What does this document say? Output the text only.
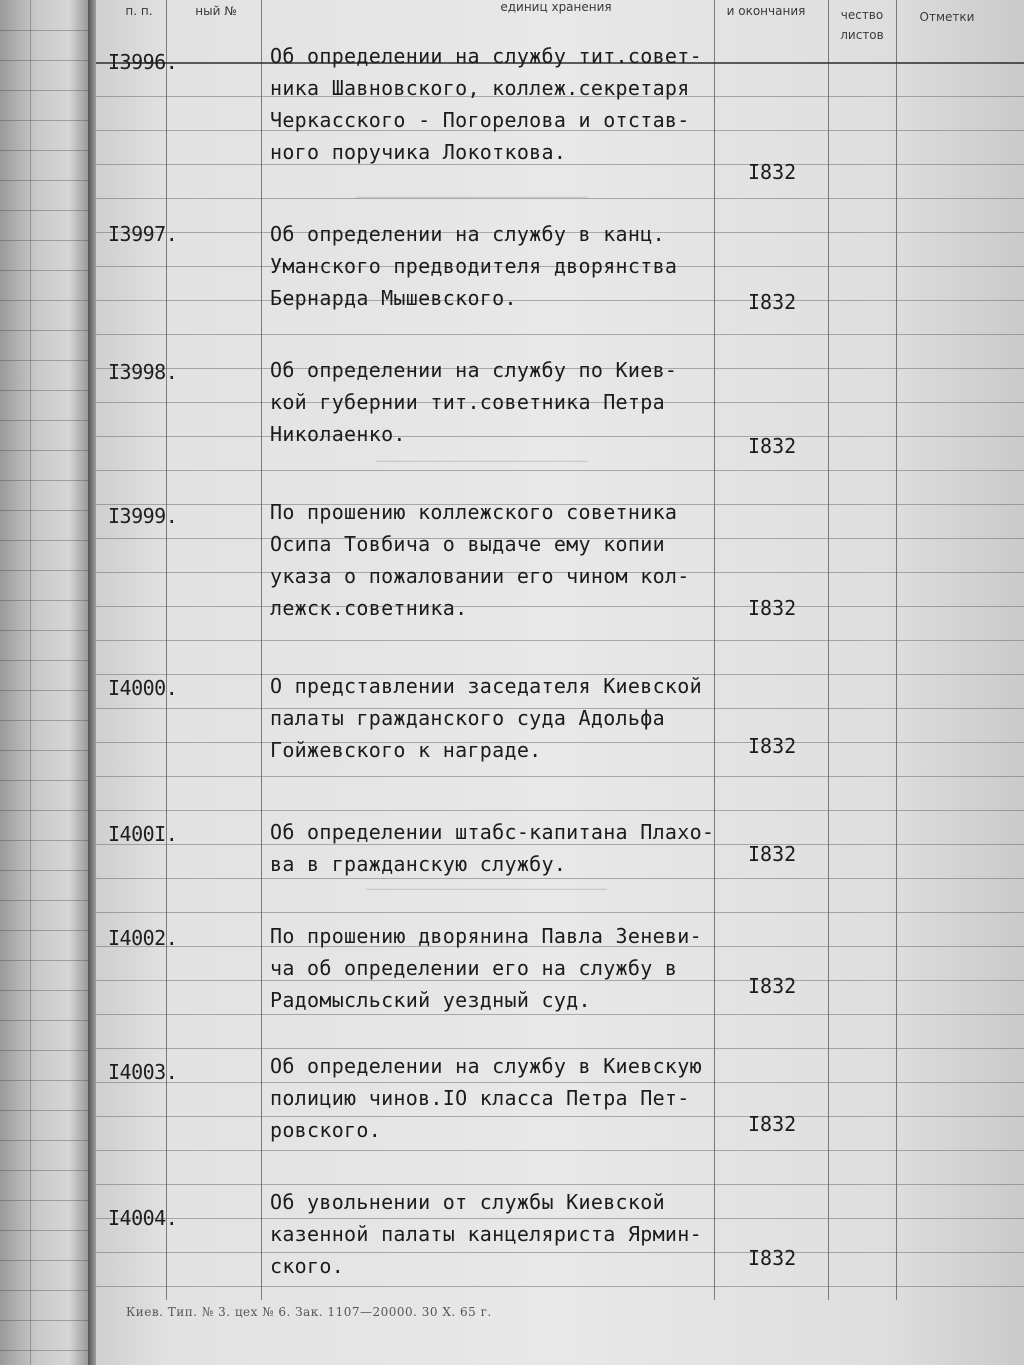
────────────────────────
──────────────────────
─────────────────────────
п. п.	ный №	единиц хранения	и окончания	чество
листов
Отметки
I3996.	Об определении на службу тит.совет-
ника Шавновского, коллеж.секретаря
Черкасского - Погорелова и отстав-
ного поручика Локоткова.
I832
I3997.	Об определении на службу в канц.
Уманского предводителя дворянства
Бернарда Мышевского.	I832
I3998.	Об определении на службу по Киев-
кой губернии тит.советника Петра
Николаенко.	I832
I3999.	По прошению коллежского советника
Осипа Товбича о выдаче ему копии
указа о пожаловании его чином кол-
лежск.советника.	I832
I4000.	О представлении заседателя Киевской
палаты гражданского суда Адольфа
Гойжевского к награде.	I832
I400I.	Об определении штабс-капитана Плахо-
ва в гражданскую службу.	I832
I4002.	По прошению дворянина Павла Зеневи-
ча об определении его на службу в
Радомысльский уездный суд.
I832
I4003.	Об определении на службу в Киевскую
полицию чинов.IO класса Петра Пет-
ровского.	I832
I4004.
Об увольнении от службы Киевской
казенной палаты канцеляриста Ярмин-
ского.	I832
Киев. Тип. № 3. цех № 6. Зак. 1107—20000. 30 X. 65 г.
